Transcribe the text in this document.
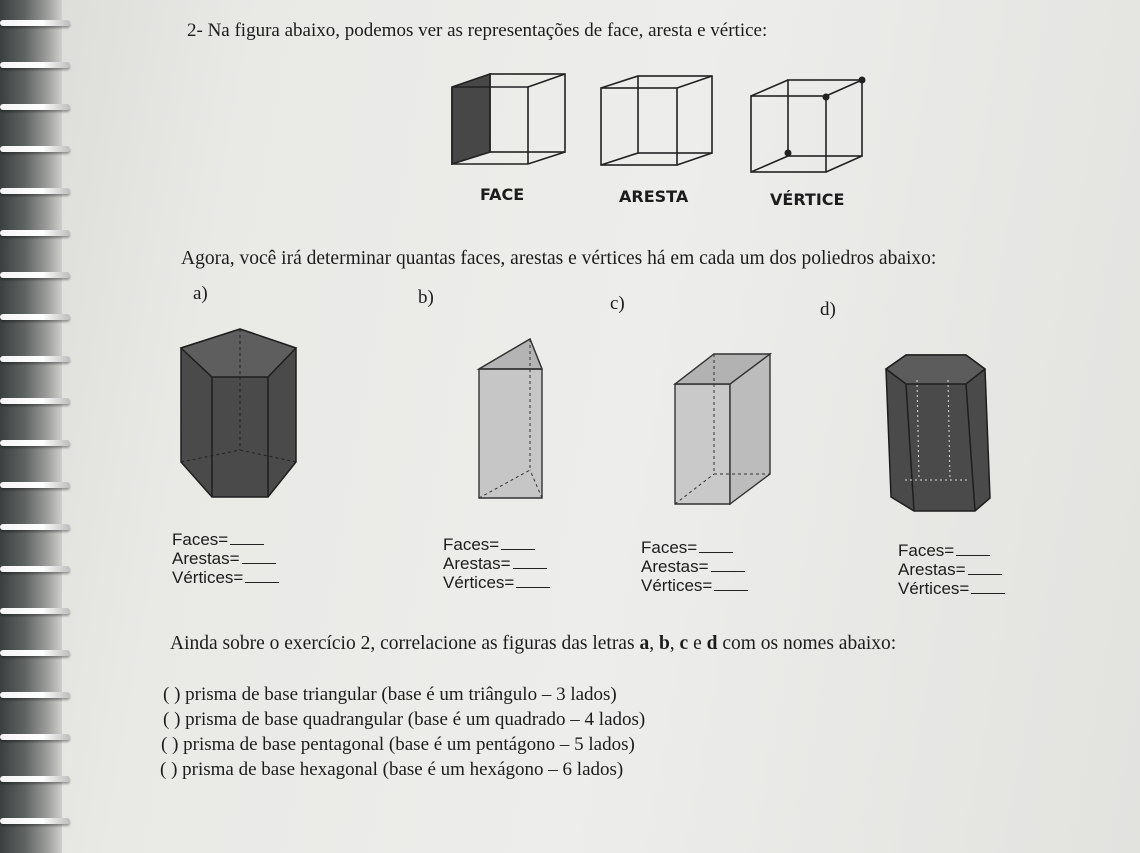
2- Na figura abaixo, podemos ver as representações de face, aresta e vértice:
FACE	ARESTA	VÉRTICE
Agora, você irá determinar quantas faces, arestas e vértices há em cada um dos poliedros abaixo:
a)	b)	c)	d)
Faces=
Arestas=
Vértices=
Faces=
Arestas=
Vértices=
Faces=
Arestas=
Vértices=
Faces=
Arestas=
Vértices=
Ainda sobre o exercício 2, correlacione as figuras das letras a, b, c e d com os nomes abaixo:
( ) prisma de base triangular (base é um triângulo – 3 lados)
( ) prisma de base quadrangular (base é um quadrado – 4 lados)
( ) prisma de base pentagonal (base é um pentágono – 5 lados)
( ) prisma de base hexagonal (base é um hexágono – 6 lados)
